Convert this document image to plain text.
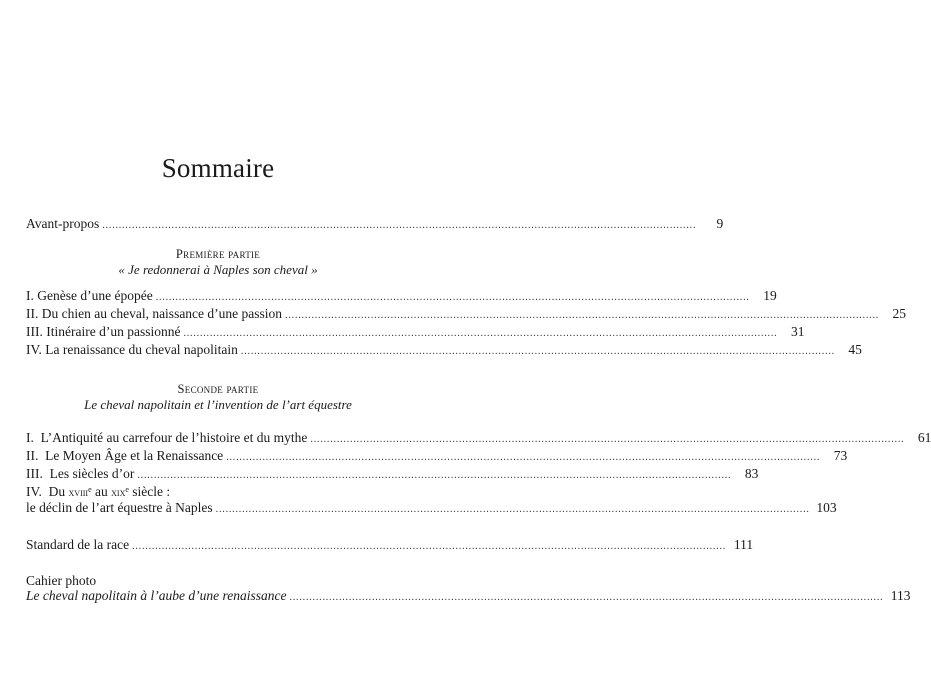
Sommaire
Avant-propos ....................................................................................................................................................................................	9
Première partie
« Je redonnerai à Naples son cheval »
I. Genèse d’une épopée ....................................................................................................................................................................................	19
II. Du chien au cheval, naissance d’une passion ....................................................................................................................................................................................	25
III. Itinéraire d’un passionné ....................................................................................................................................................................................	31
IV. La renaissance du cheval napolitain ....................................................................................................................................................................................	45
Seconde partie
Le cheval napolitain et l’invention de l’art équestre
I.  L’Antiquité au carrefour de l’histoire et du mythe ....................................................................................................................................................................................	61
II.  Le Moyen Âge et la Renaissance ....................................................................................................................................................................................	73
III.  Les siècles d’or ....................................................................................................................................................................................	83
IV.  Du xviii$^e$ au xix$^e$ siècle :
le déclin de l’art équestre à Naples .................................................................................................................................................................................... 103
Standard de la race .................................................................................................................................................................................... 111
Cahier photo
Le cheval napolitain à l’aube d’une renaissance .................................................................................................................................................................................... 113
